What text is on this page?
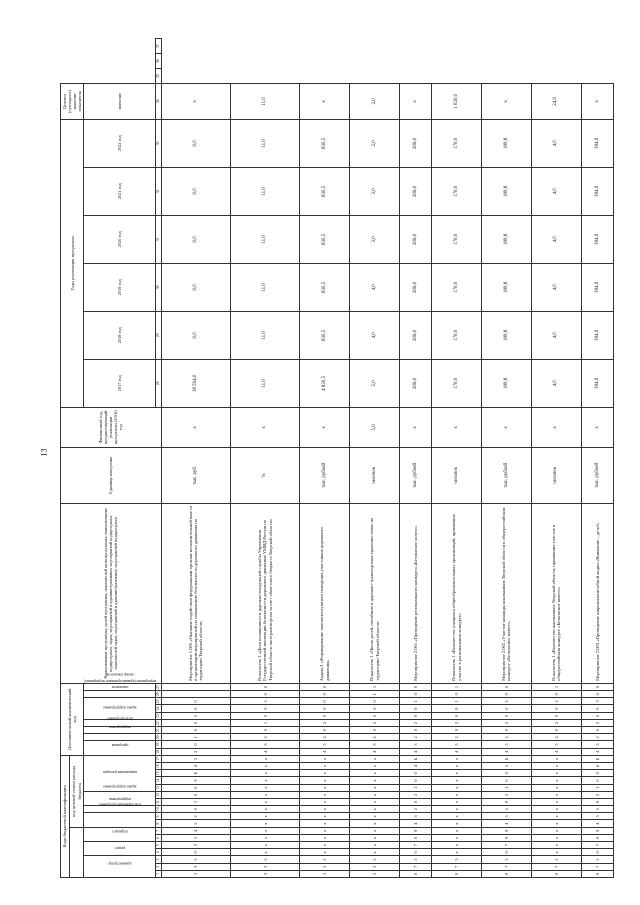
13
Коды бюджетной классификации																	Дополнительный аналитический код										Наименование программы, целей программы, показателей цели программы, наименование подпрограмм, задач, мероприятий и административных мероприятий подпрограмм, показателей задач, мероприятий и административных мероприятий подпрограмм	Единица измерения	Финансовый год, предшествующий реализации программы (2016) год	Годы реализации программы						Целевое (суммарное) значение показателя			
							код целевой статьи расхода бюджета																																
администратор			раздел		подраздел		классификация программы		подпрограмма	задача подпрограммы		направление расходов					программа		подпрограмма	цель программы	задача подпрограммы	мероприятие (административное мероприятие)			показатель	номер показателя				2017 год	2018 год	2019 год	2020 год	2021 год	2022 год	значение			
1	2	3	4	5	6	7	8	9	10	11	12	13	14	15	16	17	18	19	20	21	22	23	24	25	26	27				28	29	30	31	32	33	34	35	36	37
3	3	5	0	3	1	4	5	2	0	1	0	0	9	Б	4	5	2	0	1	0	0	5	0	0			Мероприятие 1.005 «Оказание содействия федеральным органам исполнительной власти в организации мероприятий по повышению безопасности дорожного движения на территории Тверской области»	тыс. руб.	х	18 594,0	0,0	0,0	0,0	0,0	0,0	х			
3	3	5	х	х	х	х	х	х	х	х	х	х	х	х	х	х	4	5	2	0	1	0	0	5	0	0	Показатель 1 «Доля оснащенности дорожно-патрульной службы Управления Государственной инспекции безопасности дорожного движения УМВД России по Тверской области автотранспортом за счет областного бюджета Тверской области»	%	х	11,0	11,0	11,0	11,0	11,0	11,0	11,0			
3	3	5	х	х	х	х	х	х	х	х	х	х	х	х	х	х	4	5	2	0	2	0	0	0	0	0	Задача 2 «Формирование законопослушного поведения участников дорожного движения»	тыс. рублей	х	4 820,5	830,5	830,5	830,5	830,5	830,5	х			
3	3	5	х	х	х	х	х	х	х	х	х	х	х	х	х	х	4	5	2	0	2	0	0	0	1	1	Показатель 1 «Число детей, погибших в дорожно-транспортных происшествиях на территории Тверской области»	человек	5,0	5,0	4,0	4,0	3,0	3,0	2,0	2,0			
0	7	5	0	7	0	9	4	5	2	0	2	1	0	0	4	Б	4	5	2	0	2	0	0	1	0	0	Мероприятие 2.001 «Проведение регионального конкурса «Безопасное колесо»	тыс. рублей	х	206,0	206,0	206,0	206,0	206,0	206,0	х			
0	7	5	х	х	х	х	х	х	х	х	х	х	х	х	х	х	4	5	2	0	2	0	0	1	0	1	Показатель 1 «Количество учащихся общеобразовательных организаций, принявших участие в региональном конкурсе»	человек	х	170,0	170,0	170,0	170,0	170,0	170,0	1 020,0			
0	7	5	0	7	0	9	4	5	2	0	2	1	0	0	5	Б	4	5	2	0	2	0	0	2	0	0	Мероприятие 2.002 «Участие команды школьников Тверской области в общероссийском конкурсе «Безопасное колесо»	тыс. рублей	х	189,8	189,8	189,8	189,8	189,8	189,8	х			
0	7	5	х	х	х	х	х	х	х	х	х	х	х	х	х	х	4	5	2	0	2	0	0	2	0	1	Показатель 1 «Количество школьников Тверской области, принявших участие в общероссийском конкурсе «Безопасное колесо»	человек	х	4,0	4,0	4,0	4,0	4,0	4,0	24,0			
0	7	5	0	7	0	9	4	5	2	0	2	1	0	0	6	Б	4	5	2	0	2	0	0	3	0	0	Мероприятие 2.003 «Проведение широкомасштабной акции «Внимание – дети!»	тыс. рублей	х	184,9	184,9	184,9	184,9	184,9	184,9	х			
